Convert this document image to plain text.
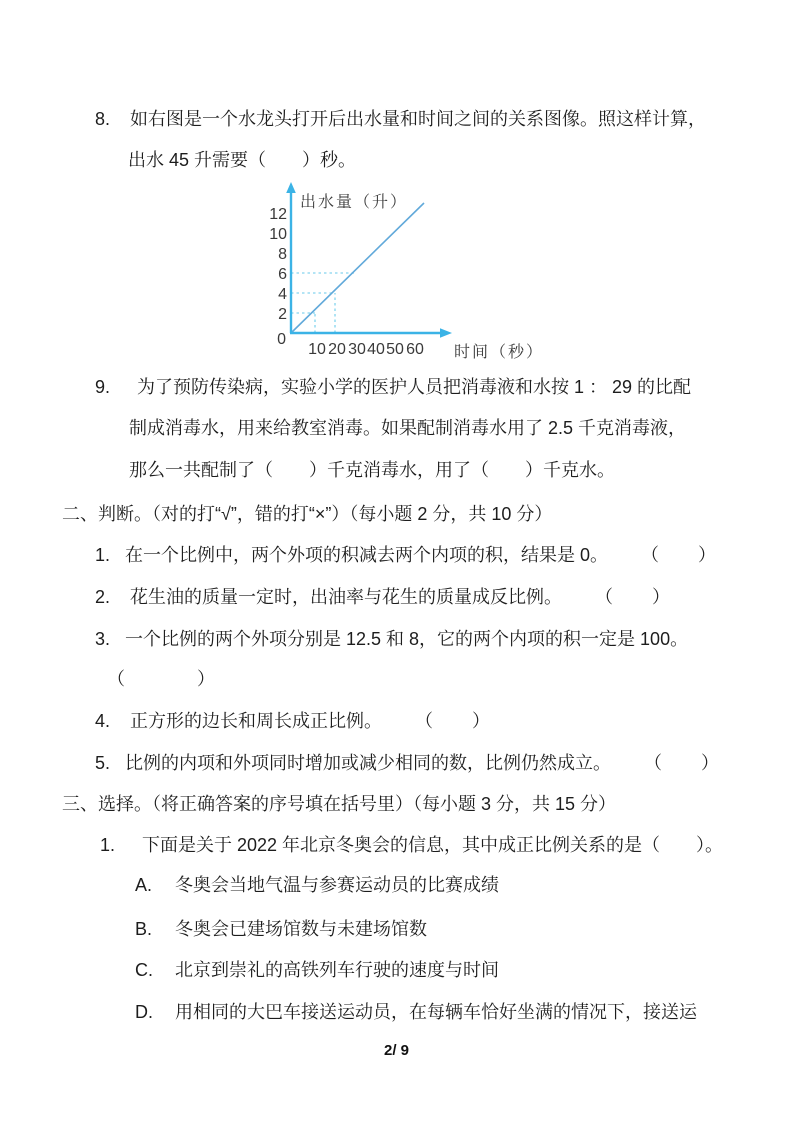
8. 如右图是一个水龙头打开后出水量和时间之间的关系图像。照这样计算，
出水 45 升需要（　　）秒。
12
10
8
6
4
2
0
10 20 30 40 50 60
出水量（升）
时间（秒）
9. 为了预防传染病，实验小学的医护人员把消毒液和水按 1 ： 29 的比配
制成消毒水，用来给教室消毒。如果配制消毒水用了 2.5 千克消毒液，
那么一共配制了（　　）千克消毒水，用了（　　）千克水。
二、判断。（对的打“√”，错的打“×”）（每小题 2 分，共 10 分）
1. 在一个比例中，两个外项的积减去两个内项的积，结果是 0。 （　　）
2. 花生油的质量一定时，出油率与花生的质量成反比例。 （　　）
3. 一个比例的两个外项分别是 12.5 和 8，它的两个内项的积一定是 100。
（　　）
4. 正方形的边长和周长成正比例。 （　　）
5. 比例的内项和外项同时增加或减少相同的数，比例仍然成立。 （　　）
三、选择。（将正确答案的序号填在括号里）（每小题 3 分，共 15 分）
1. 下面是关于 2022 年北京冬奥会的信息，其中成正比例关系的是（　　）。
A. 冬奥会当地气温与参赛运动员的比赛成绩
B. 冬奥会已建场馆数与未建场馆数
C. 北京到崇礼的高铁列车行驶的速度与时间
D. 用相同的大巴车接送运动员，在每辆车恰好坐满的情况下，接送运
2/ 9
